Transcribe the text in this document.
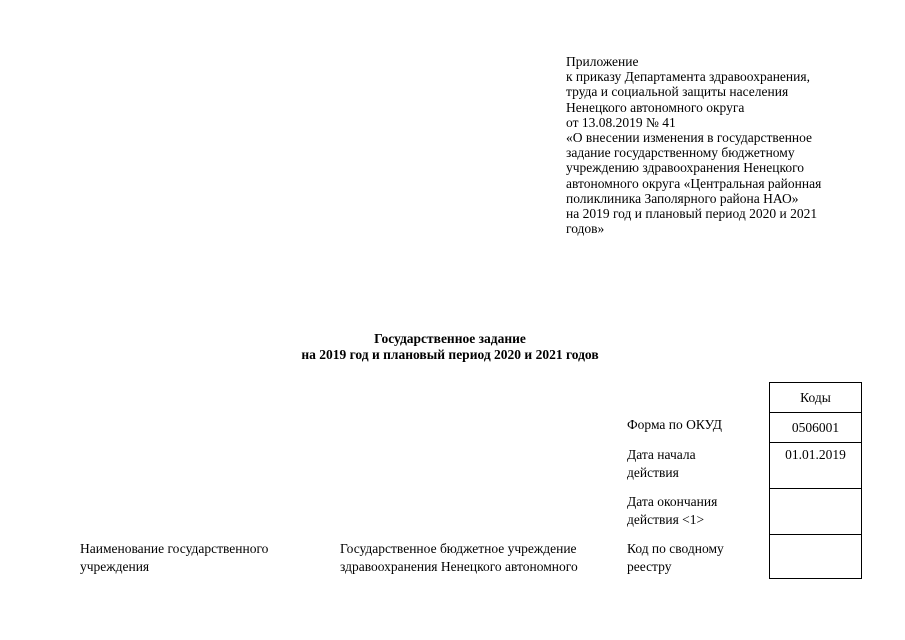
Приложение
к приказу Департамента здравоохранения,
труда и социальной защиты населения
Ненецкого автономного округа
от 13.08.2019 № 41
«О внесении изменения в государственное
задание государственному бюджетному
учреждению здравоохранения Ненецкого
автономного округа «Центральная районная
поликлиника Заполярного района НАО»
на 2019 год и плановый период 2020 и 2021
годов»
Государственное задание
на 2019 год и плановый период 2020 и 2021 годов
Форма по ОКУД
Дата начала
действия
Дата окончания
действия <1>
Код по сводному
реестру
Коды
0506001
01.01.2019
Наименование государственного
учреждения
Государственное бюджетное учреждение
здравоохранения Ненецкого автономного
